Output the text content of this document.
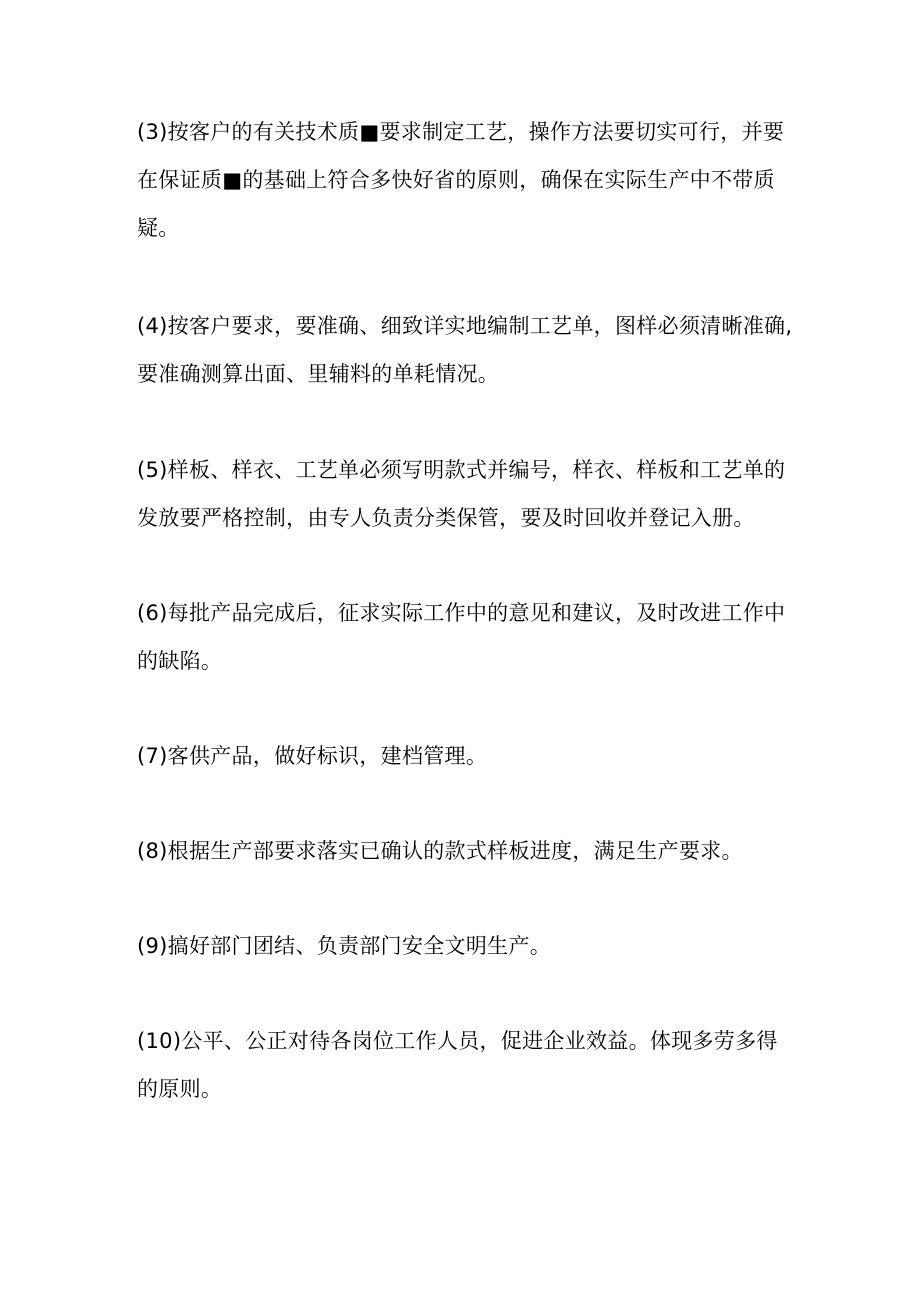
(3)按客户的有关技术质■要求制定工艺，操作方法要切实可行，并要
在保证质■的基础上符合多快好省的原则，确保在实际生产中不带质
疑。
(4)按客户要求，要准确、细致详实地编制工艺单，图样必须清晰准确,
要准确测算出面、里辅料的单耗情况。
(5)样板、样衣、工艺单必须写明款式并编号，样衣、样板和工艺单的
发放要严格控制，由专人负责分类保管，要及时回收并登记入册。
(6)每批产品完成后，征求实际工作中的意见和建议，及时改进工作中
的缺陷。
(7)客供产品，做好标识，建档管理。
(8)根据生产部要求落实已确认的款式样板进度，满足生产要求。
(9)搞好部门团结、负责部门安全文明生产。
(10)公平、公正对待各岗位工作人员，促进企业效益。体现多劳多得
的原则。
